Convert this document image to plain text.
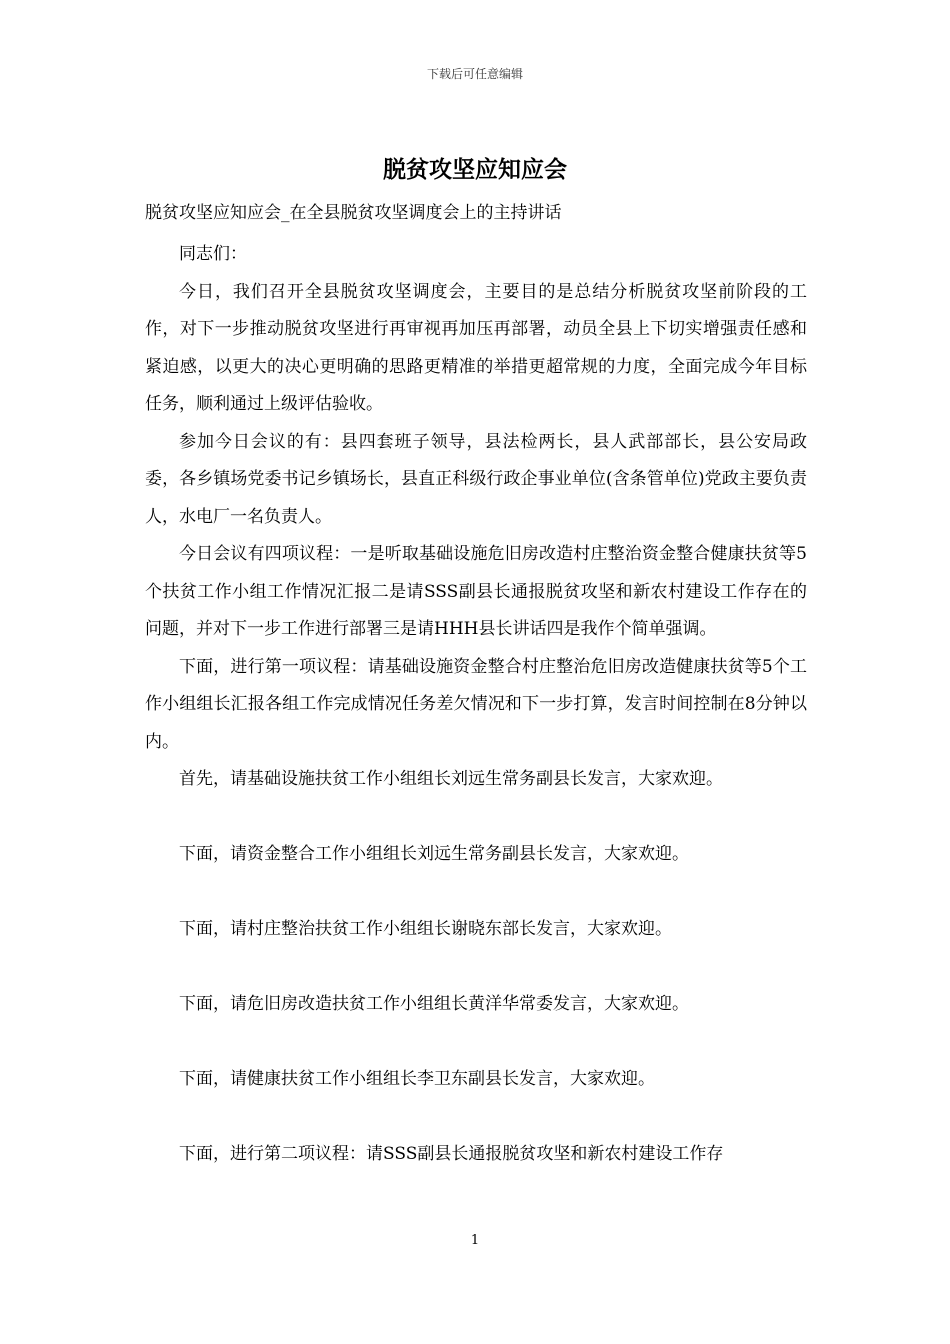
下载后可任意编辑
脱贫攻坚应知应会

脱贫攻坚应知应会_在全县脱贫攻坚调度会上的主持讲话

同志们：

今日，我们召开全县脱贫攻坚调度会，主要目的是总结分析脱贫攻坚前阶段的工作，对下一步推动脱贫攻坚进行再审视再加压再部署，动员全县上下切实增强责任感和紧迫感，以更大的决心更明确的思路更精准的举措更超常规的力度，全面完成今年目标任务，顺利通过上级评估验收。

参加今日会议的有：县四套班子领导，县法检两长，县人武部部长，县公安局政委，各乡镇场党委书记乡镇场长，县直正科级行政企事业单位(含条管单位)党政主要负责人，水电厂一名负责人。

今日会议有四项议程：一是听取基础设施危旧房改造村庄整治资金整合健康扶贫等5个扶贫工作小组工作情况汇报二是请SSS副县长通报脱贫攻坚和新农村建设工作存在的问题，并对下一步工作进行部署三是请HHH县长讲话四是我作个简单强调。

下面，进行第一项议程：请基础设施资金整合村庄整治危旧房改造健康扶贫等5个工作小组组长汇报各组工作完成情况任务差欠情况和下一步打算，发言时间控制在8分钟以内。

首先，请基础设施扶贫工作小组组长刘远生常务副县长发言，大家欢迎。

下面，请资金整合工作小组组长刘远生常务副县长发言，大家欢迎。

下面，请村庄整治扶贫工作小组组长谢晓东部长发言，大家欢迎。

下面，请危旧房改造扶贫工作小组组长黄洋华常委发言，大家欢迎。

下面，请健康扶贫工作小组组长李卫东副县长发言，大家欢迎。

下面，进行第二项议程：请SSS副县长通报脱贫攻坚和新农村建设工作存

1
